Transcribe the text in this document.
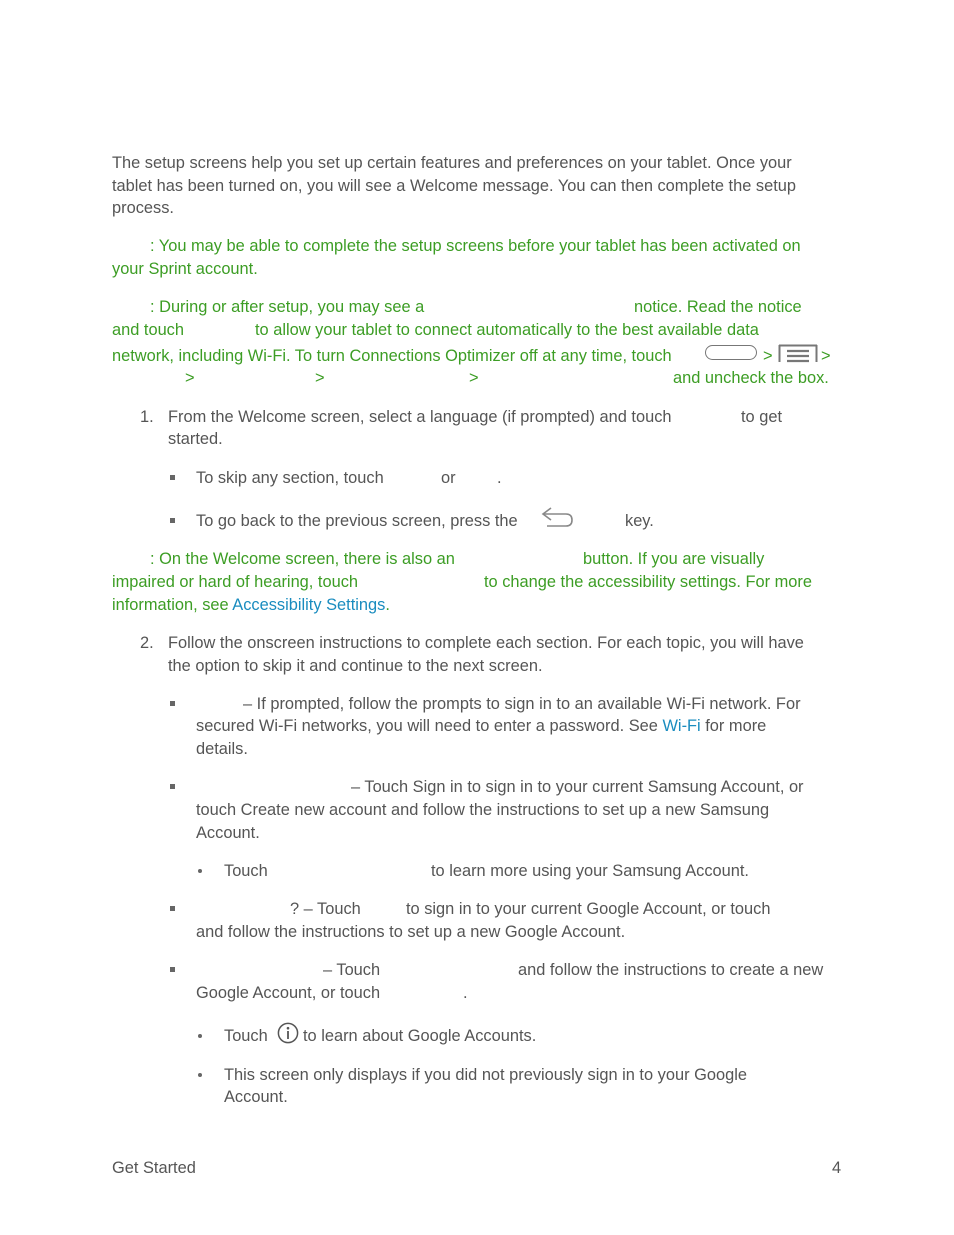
The setup screens help you set up certain features and preferences on your tablet. Once your
tablet has been turned on, you will see a Welcome message. You can then complete the setup
process.
: You may be able to complete the setup screens before your tablet has been activated on
your Sprint account.
: During or after setup, you may see a	notice. Read the notice
and touch	to allow your tablet to connect automatically to the best available data
network, including Wi-Fi. To turn Connections Optimizer off at any time, touch	>	>
>	>	>	and uncheck the box.
1. From the Welcome screen, select a language (if prompted) and touch	to get
started.
To skip any section, touch	or	.
To go back to the previous screen, press the	key.
: On the Welcome screen, there is also an	button. If you are visually
impaired or hard of hearing, touch	to change the accessibility settings. For more
information, see Accessibility Settings.
2. Follow the onscreen instructions to complete each section. For each topic, you will have
the option to skip it and continue to the next screen.
– If prompted, follow the prompts to sign in to an available Wi-Fi network. For
secured Wi-Fi networks, you will need to enter a password. See Wi-Fi for more
details.
– Touch Sign in to sign in to your current Samsung Account, or
touch Create new account and follow the instructions to set up a new Samsung
Account.
Touch	to learn more using your Samsung Account.
? – Touch	to sign in to your current Google Account, or touch
and follow the instructions to set up a new Google Account.
– Touch	and follow the instructions to create a new
Google Account, or touch	.
Touch to learn about Google Accounts.
This screen only displays if you did not previously sign in to your Google
Account.
Get Started	4
